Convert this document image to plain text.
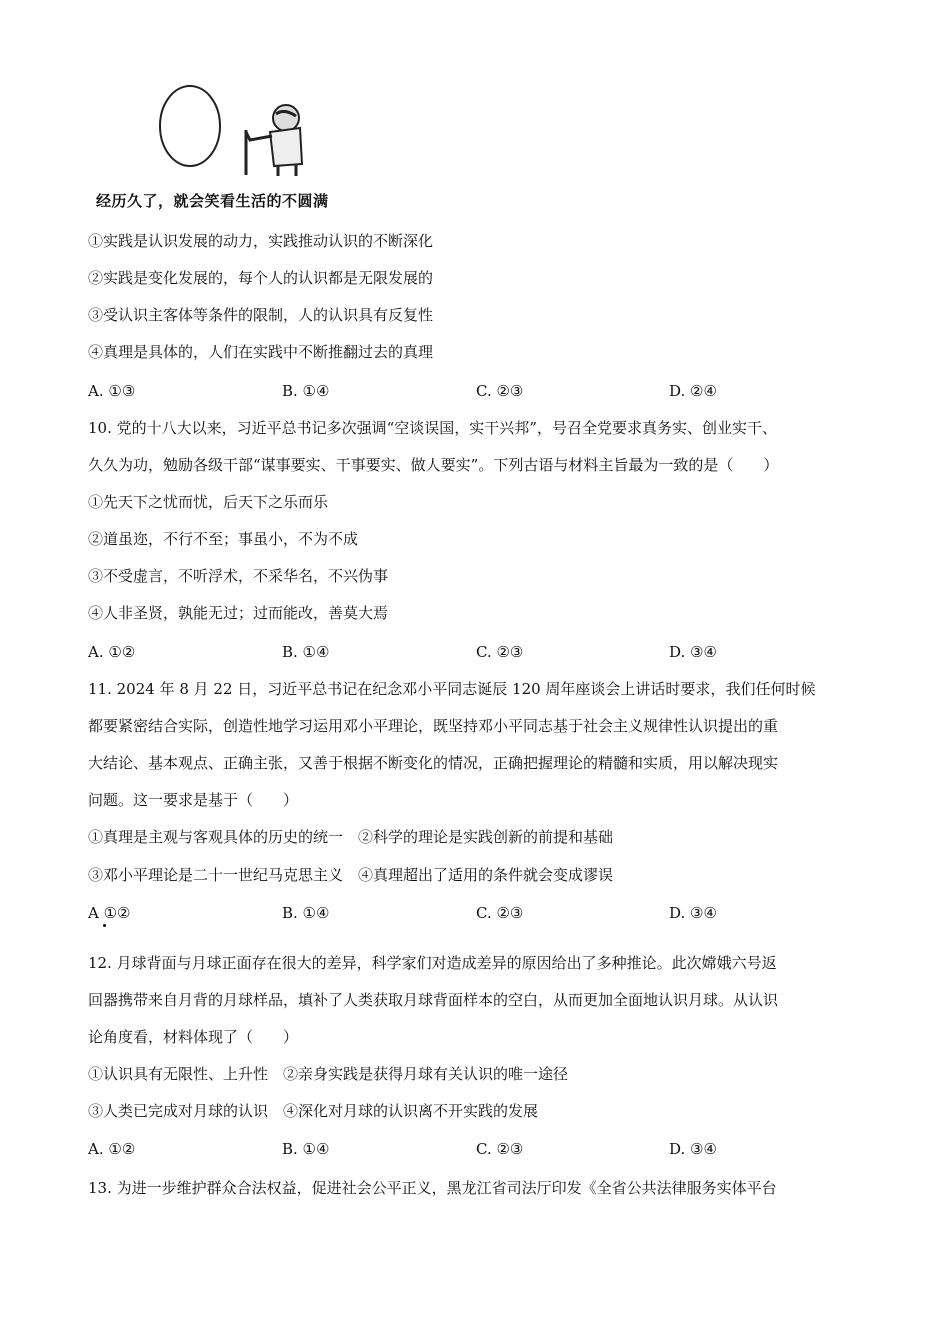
经历久了，就会笑看生活的不圆满
①实践是认识发展的动力，实践推动认识的不断深化
②实践是变化发展的，每个人的认识都是无限发展的
③受认识主客体等条件的限制，人的认识具有反复性
④真理是具体的，人们在实践中不断推翻过去的真理
A. ①③	B. ①④	C. ②③	D. ②④
10. 党的十八大以来，习近平总书记多次强调“空谈误国，实干兴邦”，号召全党要求真务实、创业实干、
久久为功，勉励各级干部“谋事要实、干事要实、做人要实”。下列古语与材料主旨最为一致的是（　　）
①先天下之忧而忧，后天下之乐而乐
②道虽迩，不行不至；事虽小，不为不成
③不受虚言，不听浮术，不采华名，不兴伪事
④人非圣贤，孰能无过；过而能改，善莫大焉
A. ①②	B. ①④	C. ②③	D. ③④
11. 2024 年 8 月 22 日，习近平总书记在纪念邓小平同志诞辰 120 周年座谈会上讲话时要求，我们任何时候
都要紧密结合实际，创造性地学习运用邓小平理论，既坚持邓小平同志基于社会主义规律性认识提出的重
大结论、基本观点、正确主张，又善于根据不断变化的情况，正确把握理论的精髓和实质，用以解决现实
问题。这一要求是基于（　　）
①真理是主观与客观具体的历史的统一　②科学的理论是实践创新的前提和基础
③邓小平理论是二十一世纪马克思主义　④真理超出了适用的条件就会变成谬误
A ①②	B. ①④	C. ②③	D. ③④
12. 月球背面与月球正面存在很大的差异，科学家们对造成差异的原因给出了多种推论。此次嫦娥六号返
回器携带来自月背的月球样品，填补了人类获取月球背面样本的空白，从而更加全面地认识月球。从认识
论角度看，材料体现了（　　）
①认识具有无限性、上升性　②亲身实践是获得月球有关认识的唯一途径
③人类已完成对月球的认识　④深化对月球的认识离不开实践的发展
A. ①②	B. ①④	C. ②③	D. ③④
13. 为进一步维护群众合法权益，促进社会公平正义，黑龙江省司法厅印发《全省公共法律服务实体平台
